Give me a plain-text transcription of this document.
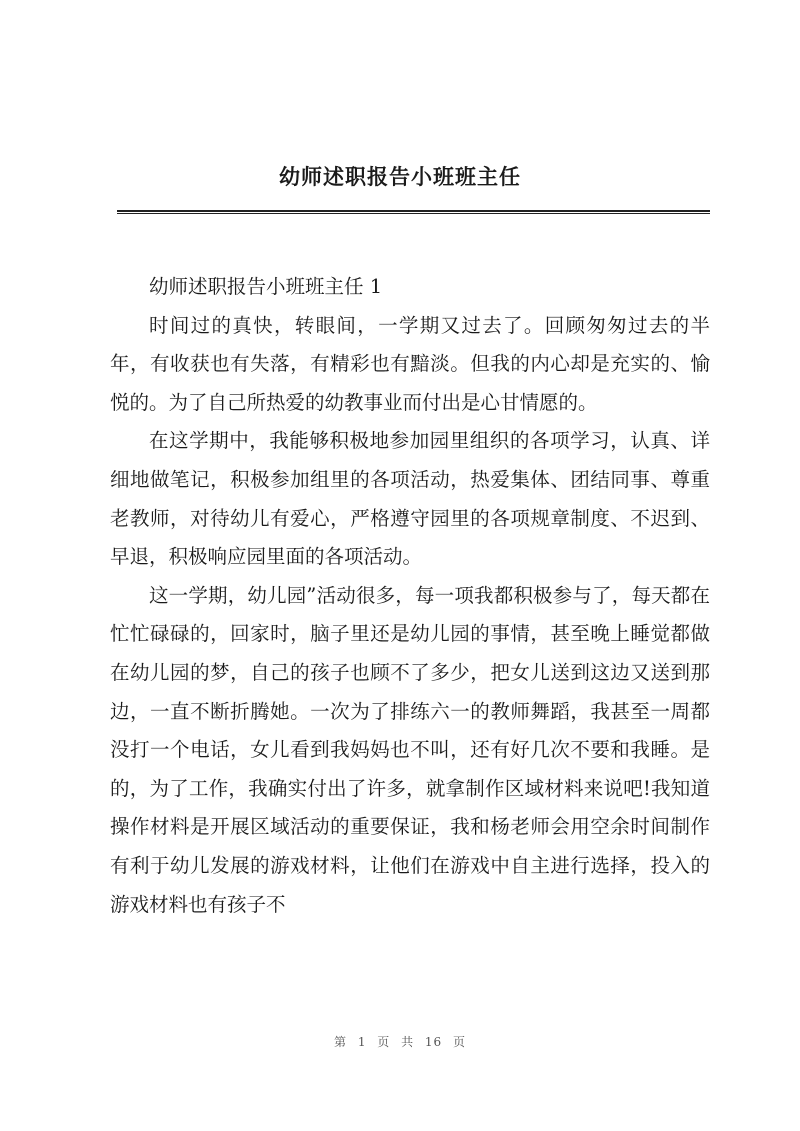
幼师述职报告小班班主任

幼师述职报告小班班主任 1

时间过的真快，转眼间，一学期又过去了。回顾匆匆过去的半年，有收获也有失落，有精彩也有黯淡。但我的内心却是充实的、愉悦的。为了自己所热爱的幼教事业而付出是心甘情愿的。

在这学期中，我能够积极地参加园里组织的各项学习，认真、详细地做笔记，积极参加组里的各项活动，热爱集体、团结同事、尊重老教师，对待幼儿有爱心，严格遵守园里的各项规章制度、不迟到、早退，积极响应园里面的各项活动。

这一学期，幼儿园”活动很多，每一项我都积极参与了，每天都在忙忙碌碌的，回家时，脑子里还是幼儿园的事情，甚至晚上睡觉都做在幼儿园的梦，自己的孩子也顾不了多少，把女儿送到这边又送到那边，一直不断折腾她。一次为了排练六一的教师舞蹈，我甚至一周都没打一个电话，女儿看到我妈妈也不叫，还有好几次不要和我睡。是的，为了工作，我确实付出了许多，就拿制作区域材料来说吧!我知道操作材料是开展区域活动的重要保证，我和杨老师会用空余时间制作有利于幼儿发展的游戏材料，让他们在游戏中自主进行选择，投入的游戏材料也有孩子不

第 1 页 共 16 页
